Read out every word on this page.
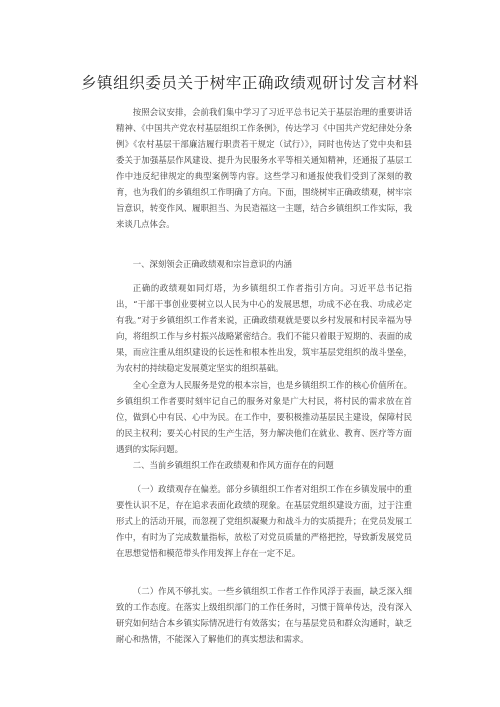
乡镇组织委员关于树牢正确政绩观研讨发言材料

按照会议安排，会前我们集中学习了习近平总书记关于基层治理的重要讲话精神、《中国共产党农村基层组织工作条例》，传达学习《中国共产党纪律处分条例》《农村基层干部廉洁履行职责若干规定（试行）》，同时也传达了党中央和县委关于加强基层作风建设、提升为民服务水平等相关通知精神，还通报了基层工作中违反纪律规定的典型案例等内容。这些学习和通报使我们受到了深刻的教育，也为我们的乡镇组织工作明确了方向。下面，围绕树牢正确政绩观，树牢宗旨意识，转变作风、履职担当、为民造福这一主题，结合乡镇组织工作实际，我来谈几点体会。

一、深刻领会正确政绩观和宗旨意识的内涵

正确的政绩观如同灯塔，为乡镇组织工作者指引方向。习近平总书记指出，“干部干事创业要树立以人民为中心的发展思想，功成不必在我、功成必定有我。”对于乡镇组织工作者来说，正确政绩观就是要以乡村发展和村民幸福为导向，将组织工作与乡村振兴战略紧密结合。我们不能只着眼于短期的、表面的成果，而应注重从组织建设的长远性和根本性出发，筑牢基层党组织的战斗堡垒，为农村的持续稳定发展奠定坚实的组织基础。

全心全意为人民服务是党的根本宗旨，也是乡镇组织工作的核心价值所在。乡镇组织工作者要时刻牢记自己的服务对象是广大村民，将村民的需求放在首位，做到心中有民、心中为民。在工作中，要积极推动基层民主建设，保障村民的民主权利；要关心村民的生产生活，努力解决他们在就业、教育、医疗等方面遇到的实际问题。

二、当前乡镇组织工作在政绩观和作风方面存在的问题

（一）政绩观存在偏差。部分乡镇组织工作者对组织工作在乡镇发展中的重要性认识不足，存在追求表面化政绩的现象。在基层党组织建设方面，过于注重形式上的活动开展，而忽视了党组织凝聚力和战斗力的实质提升；在党员发展工作中，有时为了完成数量指标，放松了对党员质量的严格把控，导致新发展党员在思想觉悟和模范带头作用发挥上存在一定不足。

（二）作风不够扎实。一些乡镇组织工作者工作作风浮于表面，缺乏深入细致的工作态度。在落实上级组织部门的工作任务时，习惯于简单传达，没有深入研究如何结合本乡镇实际情况进行有效落实；在与基层党员和群众沟通时，缺乏耐心和热情，不能深入了解他们的真实想法和需求。
